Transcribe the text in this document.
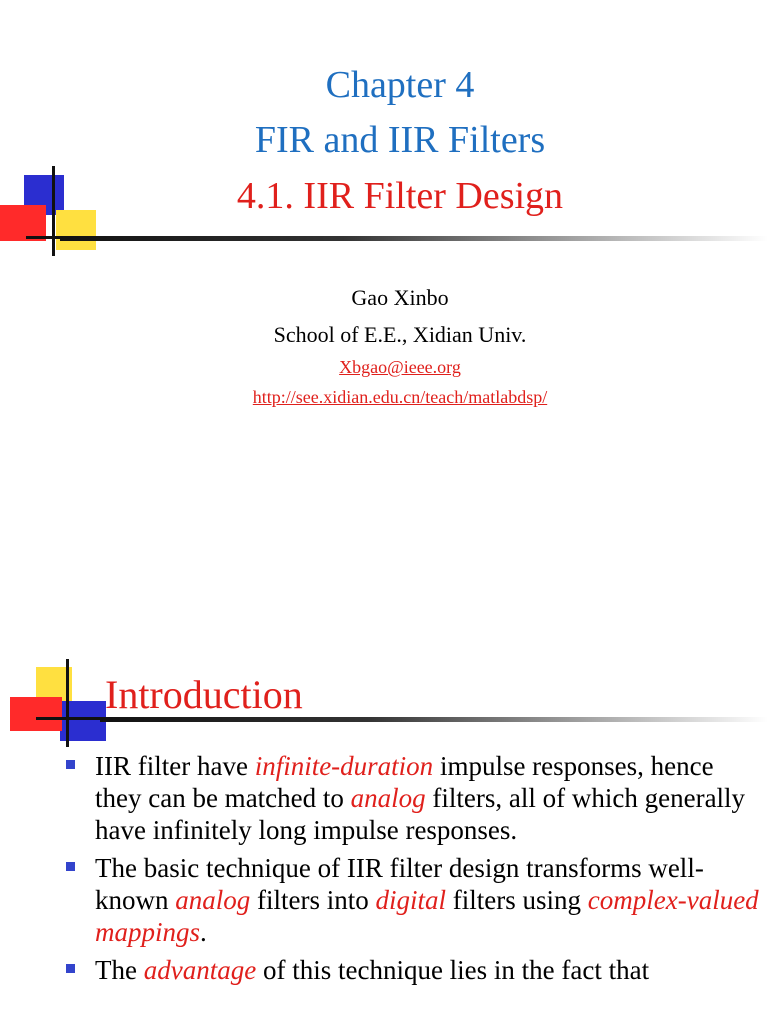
Chapter 4
FIR and IIR Filters
4.1. IIR Filter Design
Gao Xinbo
School of E.E., Xidian Univ.
Xbgao@ieee.org
http://see.xidian.edu.cn/teach/matlabdsp/
Introduction
IIR filter have infinite-duration impulse responses, hence they can be matched to analog filters, all of which generally have infinitely long impulse responses.
The basic technique of IIR filter design transforms well-known analog filters into digital filters using complex-valued mappings.
The advantage of this technique lies in the fact that
